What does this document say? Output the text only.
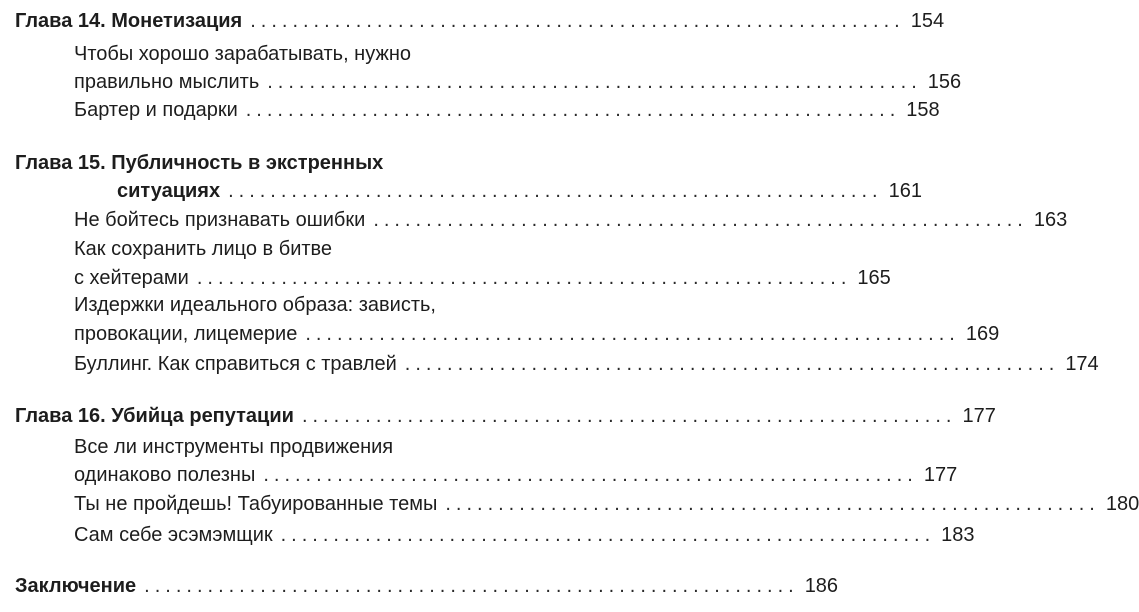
Глава 14. Монетизация .............................................................. 154
Чтобы хорошо зарабатывать, нужно
правильно мыслить .............................................................. 156
Бартер и подарки .............................................................. 158
Глава 15. Публичность в экстренных
ситуациях .............................................................. 161
Не бойтесь признавать ошибки .............................................................. 163
Как сохранить лицо в битве
с хейтерами .............................................................. 165
Издержки идеального образа: зависть,
провокации, лицемерие .............................................................. 169
Буллинг. Как справиться с травлей .............................................................. 174
Глава 16. Убийца репутации .............................................................. 177
Все ли инструменты продвижения
одинаково полезны .............................................................. 177
Ты не пройдешь! Табуированные темы .............................................................. 180
Сам себе эсэмэмщик .............................................................. 183
Заключение .............................................................. 186
